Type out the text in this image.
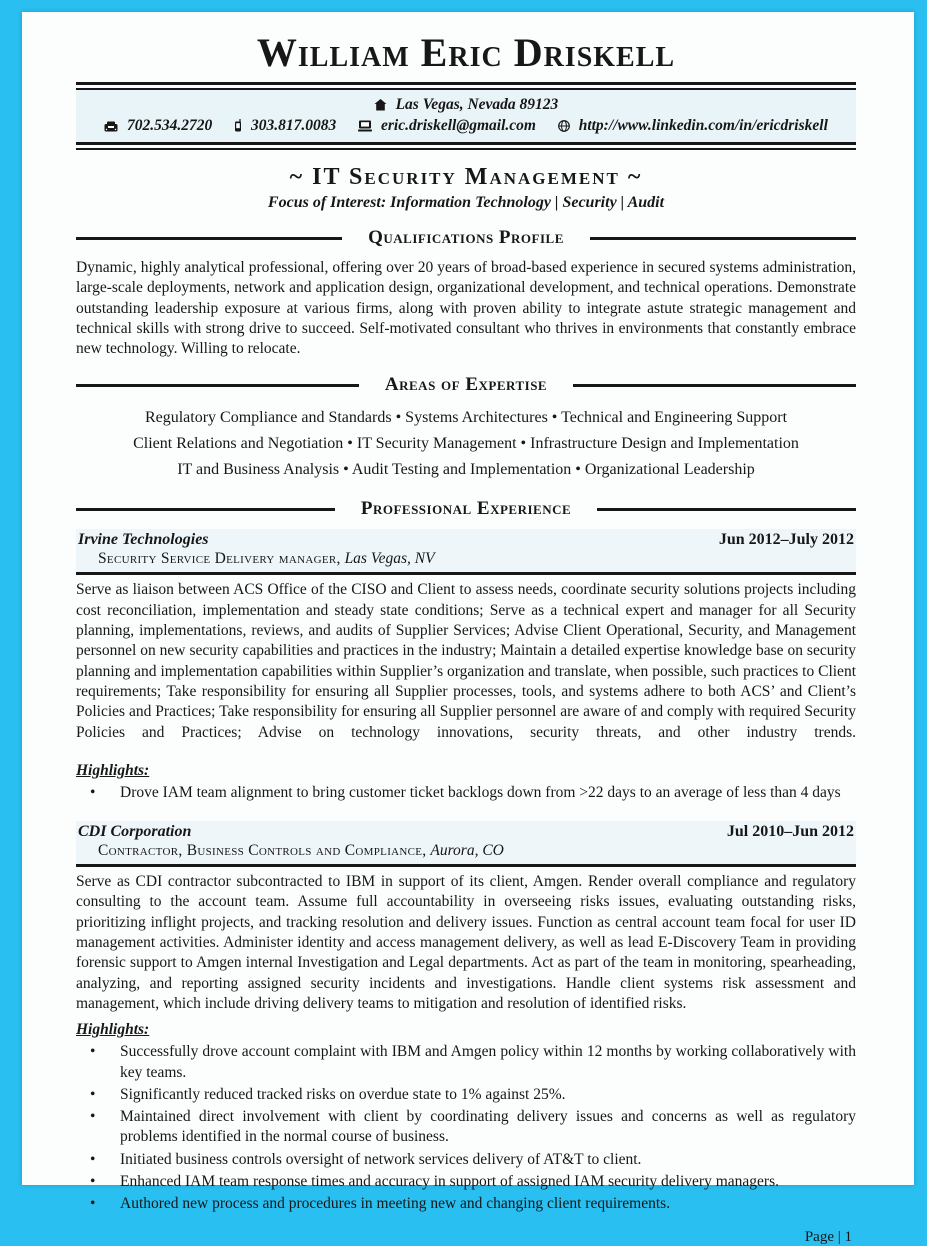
William Eric Driskell
Las Vegas, Nevada 89123
702.534.2720	303.817.0083	eric.driskell@gmail.com	http://www.linkedin.com/in/ericdriskell
~ IT Security Management ~

Focus of Interest: Information Technology | Security | Audit

Qualifications Profile

Dynamic, highly analytical professional, offering over 20 years of broad-based experience in secured systems administration, large-scale deployments, network and application design, organizational development, and technical operations. Demonstrate outstanding leadership exposure at various firms, along with proven ability to integrate astute strategic management and technical skills with strong drive to succeed. Self-motivated consultant who thrives in environments that constantly embrace new technology. Willing to relocate.

Areas of Expertise
Regulatory Compliance and Standards • Systems Architectures • Technical and Engineering Support
Client Relations and Negotiation • IT Security Management • Infrastructure Design and Implementation
IT and Business Analysis • Audit Testing and Implementation • Organizational Leadership
Professional Experience
Irvine Technologies	Jun 2012–July 2012
Security Service Delivery manager, Las Vegas, NV

Serve as liaison between ACS Office of the CISO and Client to assess needs, coordinate security solutions projects including cost reconciliation, implementation and steady state conditions; Serve as a technical expert and manager for all Security planning, implementations, reviews, and audits of Supplier Services; Advise Client Operational, Security, and Management personnel on new security capabilities and practices in the industry; Maintain a detailed expertise knowledge base on security planning and implementation capabilities within Supplier’s organization and translate, when possible, such practices to Client requirements; Take responsibility for ensuring all Supplier processes, tools, and systems adhere to both ACS’ and Client’s Policies and Practices; Take responsibility for ensuring all Supplier personnel are aware of and comply with required Security Policies and Practices; Advise on technology innovations, security threats, and other industry trends.

Highlights:

• Drove IAM team alignment to bring customer ticket backlogs down from >22 days to an average of less than 4 days
CDI Corporation	Jul 2010–Jun 2012
Contractor, Business Controls and Compliance, Aurora, CO

Serve as CDI contractor subcontracted to IBM in support of its client, Amgen. Render overall compliance and regulatory consulting to the account team. Assume full accountability in overseeing risks issues, evaluating outstanding risks, prioritizing inflight projects, and tracking resolution and delivery issues. Function as central account team focal for user ID management activities. Administer identity and access management delivery, as well as lead E-Discovery Team in providing forensic support to Amgen internal Investigation and Legal departments. Act as part of the team in monitoring, spearheading, analyzing, and reporting assigned security incidents and investigations. Handle client systems risk assessment and management, which include driving delivery teams to mitigation and resolution of identified risks.

Highlights:

• Successfully drove account complaint with IBM and Amgen policy within 12 months by working collaboratively with key teams.
• Significantly reduced tracked risks on overdue state to 1% against 25%.
• Maintained direct involvement with client by coordinating delivery issues and concerns as well as regulatory problems identified in the normal course of business.
• Initiated business controls oversight of network services delivery of AT&T to client.
• Enhanced IAM team response times and accuracy in support of assigned IAM security delivery managers.
• Authored new process and procedures in meeting new and changing client requirements.
Page | 1
